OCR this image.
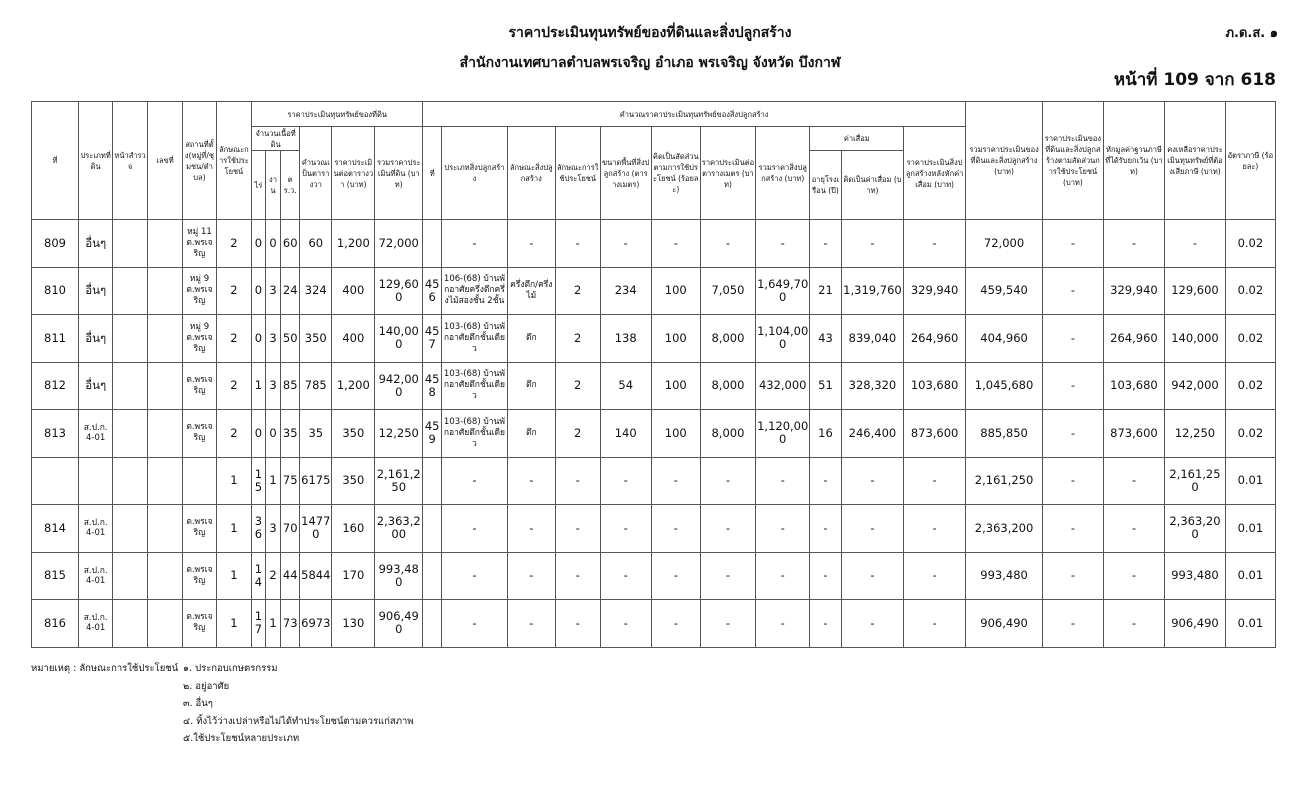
ราคาประเมินทุนทรัพย์ของที่ดินและสิ่งปลูกสร้าง	ภ.ด.ส. ๑
สำนักงานเทศบาลตำบลพรเจริญ อำเภอ พรเจริญ จังหวัด บึงกาฬ
หน้าที่ 109 จาก 618
ที่	ประเภทที่ดิน	หน้าสำรวจ	เลขที่	สถานที่ตั้ง(หมู่ที่/ชุมชน/ตำบล)	ลักษณะการใช้ประโยชน์	ราคาประเมินทุนทรัพย์ของที่ดิน						คำนวณราคาประเมินทุนทรัพย์ของสิ่งปลูกสร้าง											รวมราคาประเมินของที่ดินและสิ่งปลูกสร้าง (บาท)	ราคาประเมินของที่ดินและสิ่งปลูกสร้างตามสัดส่วนการใช้ประโยชน์ (บาท)	หักมูลค่าฐานภาษีที่ได้รับยกเว้น (บาท)	คงเหลือราคาประเมินทุนทรัพย์ที่ต้องเสียภาษี (บาท)	อัตราภาษี (ร้อยละ)
						จำนวนเนื้อที่ดิน			คำนวณเป็นตารางวา	ราคาประเมินต่อตารางวา (บาท)	รวมราคาประเมินที่ดิน (บาท)	ที่	ประเภทสิ่งปลูกสร้าง	ลักษณะสิ่งปลูกสร้าง	ลักษณะการใช้ประโยชน์	ขนาดพื้นที่สิ่งปลูกสร้าง (ตารางเมตร)	คิดเป็นสัดส่วนตามการใช้ประโยชน์ (ร้อยละ)	ราคาประเมินต่อตารางเมตร (บาท)	รวมราคาสิ่งปลูกสร้าง (บาท)	ค่าเสื่อม		ราคาประเมินสิ่งปลูกสร้างหลังหักค่าเสื่อม (บาท)					
						ไร่	งาน	ตร.ว.												อายุโรงเรือน (ปี)	คิดเป็นค่าเสื่อม (บาท)						
809	อื่นๆ			หมู่ 11 ต.พรเจริญ	2	0	0	60	60	1,200	72,000		-	-	-	-	-	-	-	-	-	-	72,000	-	-	-	0.02
810	อื่นๆ			หมู่ 9 ต.พรเจริญ	2	0	3	24	324	400	129,600	456	106-(68) บ้านพักอาศัยครึ่งตึกครึ่งไม้สองชั้น 2ชั้น	ครึ่งตึก/ครึ่งไม้	2	234	100	7,050	1,649,700	21	1,319,760	329,940	459,540	-	329,940	129,600	0.02
811	อื่นๆ			หมู่ 9 ต.พรเจริญ	2	0	3	50	350	400	140,000	457	103-(68) บ้านพักอาศัยตึกชั้นเดียว	ตึก	2	138	100	8,000	1,104,000	43	839,040	264,960	404,960	-	264,960	140,000	0.02
812	อื่นๆ			ต.พรเจริญ	2	1	3	85	785	1,200	942,000	458	103-(68) บ้านพักอาศัยตึกชั้นเดียว	ตึก	2	54	100	8,000	432,000	51	328,320	103,680	1,045,680	-	103,680	942,000	0.02
813	ส.ป.ก. 4-01			ต.พรเจริญ	2	0	0	35	35	350	12,250	459	103-(68) บ้านพักอาศัยตึกชั้นเดียว	ตึก	2	140	100	8,000	1,120,000	16	246,400	873,600	885,850	-	873,600	12,250	0.02
					1	15	1	75	6175	350	2,161,250		-	-	-	-	-	-	-	-	-	-	2,161,250	-	-	2,161,250	0.01
814	ส.ป.ก. 4-01			ต.พรเจริญ	1	36	3	70	14770	160	2,363,200		-	-	-	-	-	-	-	-	-	-	2,363,200	-	-	2,363,200	0.01
815	ส.ป.ก. 4-01			ต.พรเจริญ	1	14	2	44	5844	170	993,480		-	-	-	-	-	-	-	-	-	-	993,480	-	-	993,480	0.01
816	ส.ป.ก. 4-01			ต.พรเจริญ	1	17	1	73	6973	130	906,490		-	-	-	-	-	-	-	-	-	-	906,490	-	-	906,490	0.01
หมายเหตุ : ลักษณะการใช้ประโยชน์ ๑. ประกอบเกษตรกรรม
๒. อยู่อาศัย
๓. อื่นๆ
๔. ทิ้งไว้ว่างเปล่าหรือไม่ได้ทำประโยชน์ตามควรแก่สภาพ
๕.ใช้ประโยชน์หลายประเภท
